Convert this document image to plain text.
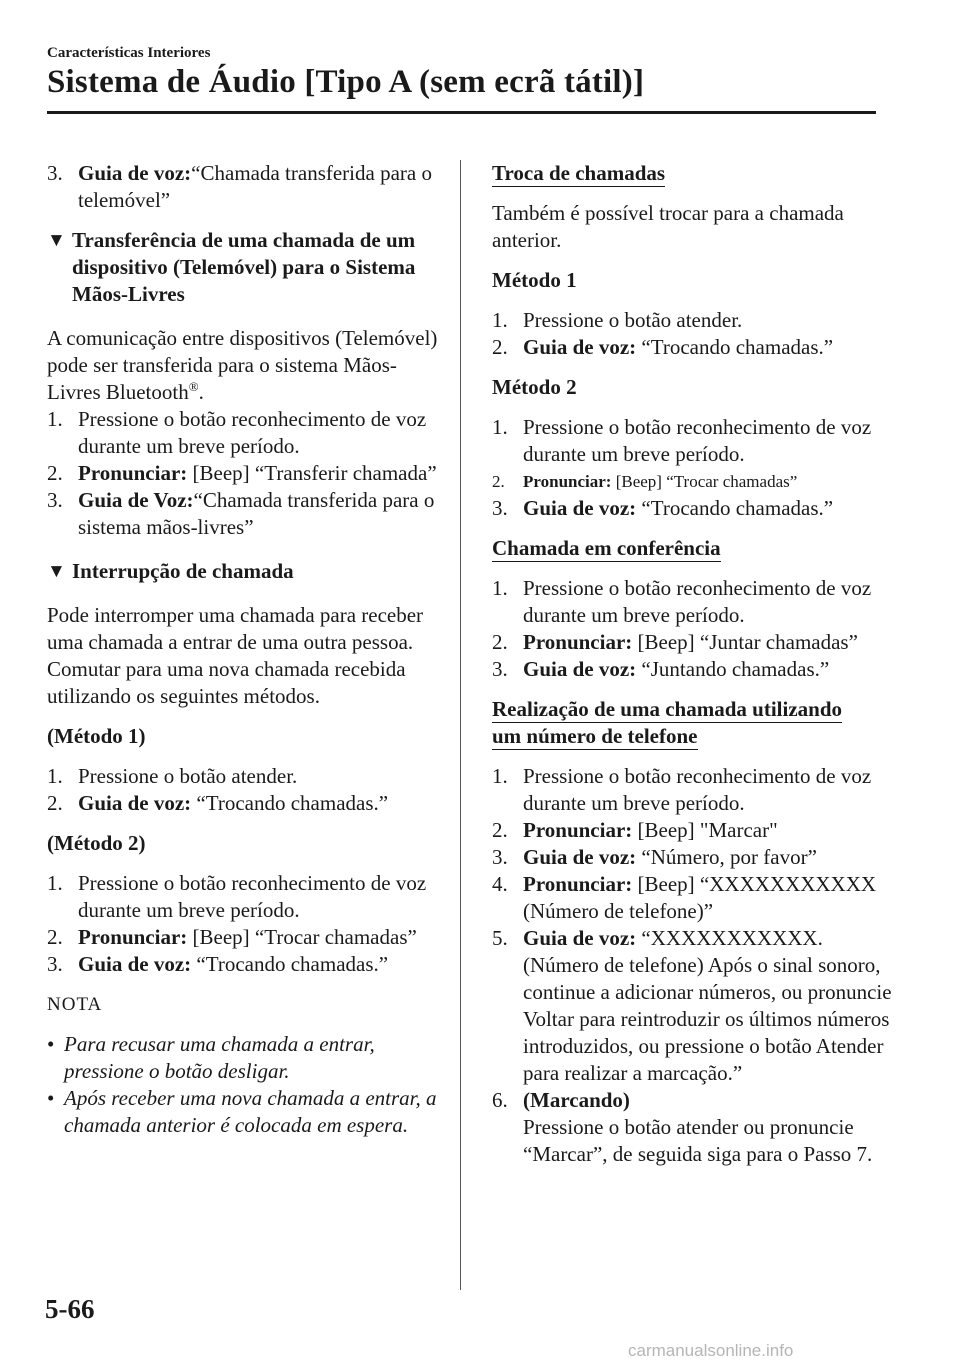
Características Interiores
Sistema de Áudio [Tipo A (sem ecrã tátil)]
3. Guia de voz:“Chamada transferida para o telemóvel”
▼ Transferência de uma chamada de um dispositivo (Telemóvel) para o Sistema Mãos-Livres
A comunicação entre dispositivos (Telemóvel) pode ser transferida para o sistema Mãos-Livres Bluetooth®.
1. Pressione o botão reconhecimento de voz durante um breve período.
2. Pronunciar: [Beep] “Transferir chamada”
3. Guia de Voz:“Chamada transferida para o sistema mãos-livres”
▼ Interrupção de chamada
Pode interromper uma chamada para receber uma chamada a entrar de uma outra pessoa.
Comutar para uma nova chamada recebida utilizando os seguintes métodos.
(Método 1)
1. Pressione o botão atender.
2. Guia de voz: “Trocando chamadas.”
(Método 2)
1. Pressione o botão reconhecimento de voz durante um breve período.
2. Pronunciar: [Beep] “Trocar chamadas”
3. Guia de voz: “Trocando chamadas.”
NOTA
• Para recusar uma chamada a entrar, pressione o botão desligar.
• Após receber uma nova chamada a entrar, a chamada anterior é colocada em espera.
Troca de chamadas
Também é possível trocar para a chamada anterior.
Método 1
1. Pressione o botão atender.
2. Guia de voz: “Trocando chamadas.”
Método 2
1. Pressione o botão reconhecimento de voz durante um breve período.
2. Pronunciar: [Beep] “Trocar chamadas”
3. Guia de voz: “Trocando chamadas.”
Chamada em conferência
1. Pressione o botão reconhecimento de voz durante um breve período.
2. Pronunciar: [Beep] “Juntar chamadas”
3. Guia de voz: “Juntando chamadas.”
Realização de uma chamada utilizando
um número de telefone
1. Pressione o botão reconhecimento de voz durante um breve período.
2. Pronunciar: [Beep] "Marcar"
3. Guia de voz: “Número, por favor”
4. Pronunciar: [Beep] “XXXXXXXXXXX (Número de telefone)”
5. Guia de voz: “XXXXXXXXXXX. (Número de telefone) Após o sinal sonoro, continue a adicionar números, ou pronuncie Voltar para reintroduzir os últimos números introduzidos, ou pressione o botão Atender para realizar a marcação.”
6. (Marcando)
Pressione o botão atender ou pronuncie “Marcar”, de seguida siga para o Passo 7.
5-66
carmanualsonline.info
